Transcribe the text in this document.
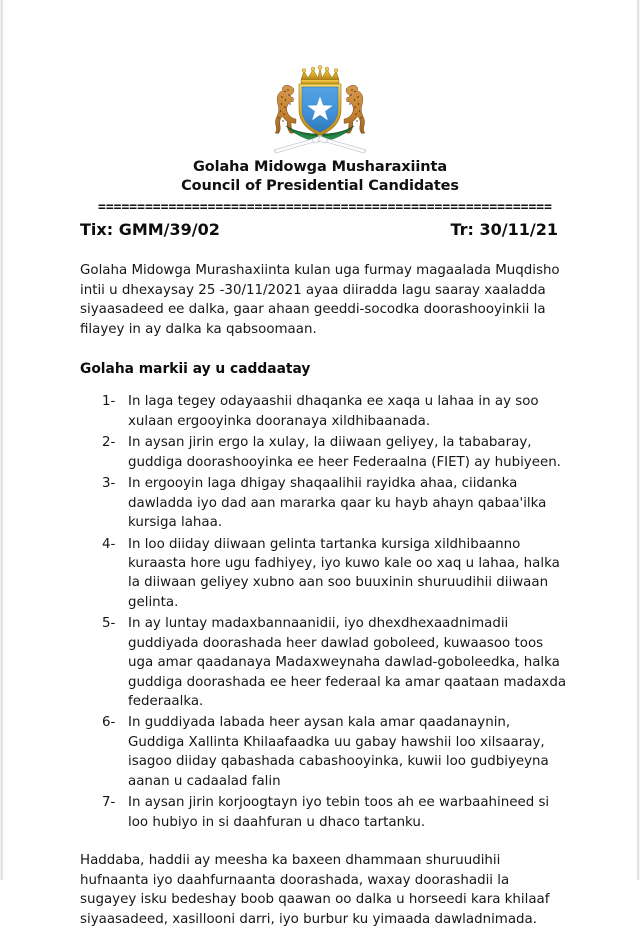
Golaha Midowga Musharaxiinta
Council of Presidential Candidates
==========================================================
Tix: GMM/39/02	Tr: 30/11/21

Golaha Midowga Murashaxiinta kulan uga furmay magaalada Muqdisho intii u dhexaysay 25 -30/11/2021 ayaa diiradda lagu saaray xaaladda siyaasadeed ee dalka, gaar ahaan geeddi-socodka doorashooyinkii la filayey in ay dalka ka qabsoomaan.

Golaha markii ay u caddaatay
1- In laga tegey odayaashii dhaqanka ee xaqa u lahaa in ay soo xulaan ergooyinka dooranaya xildhibaanada.
2- In aysan jirin ergo la xulay, la diiwaan geliyey, la tababaray, guddiga doorashooyinka ee heer Federaalna (FIET) ay hubiyeen.
3- In ergooyin laga dhigay shaqaalihii rayidka ahaa, ciidanka dawladda iyo dad aan mararka qaar ku hayb ahayn qabaa'ilka kursiga lahaa.
4- In loo diiday diiwaan gelinta tartanka kursiga xildhibaanno kuraasta hore ugu fadhiyey, iyo kuwo kale oo xaq u lahaa, halka la diiwaan geliyey xubno aan soo buuxinin shuruudihii diiwaan gelinta.
5- In ay luntay madaxbannaanidii, iyo dhexdhexaadnimadii guddiyada doorashada heer dawlad goboleed, kuwaasoo toos uga amar qaadanaya Madaxweynaha dawlad-goboleedka, halka guddiga doorashada ee heer federaal ka amar qaataan madaxda federaalka.
6- In guddiyada labada heer aysan kala amar qaadanaynin, Guddiga Xallinta Khilaafaadka uu gabay hawshii loo xilsaaray, isagoo diiday qabashada cabashooyinka, kuwii loo gudbiyeyna aanan u cadaalad falin
7- In aysan jirin korjoogtayn iyo tebin toos ah ee warbaahineed si loo hubiyo in si daahfuran u dhaco tartanku.

Haddaba, haddii ay meesha ka baxeen dhammaan shuruudihii hufnaanta iyo daahfurnaanta doorashada, waxay doorashadii la sugayey isku bedeshay boob qaawan oo dalka u horseedi kara khilaaf siyaasadeed, xasillooni darri, iyo burbur ku yimaada dawladnimada.
